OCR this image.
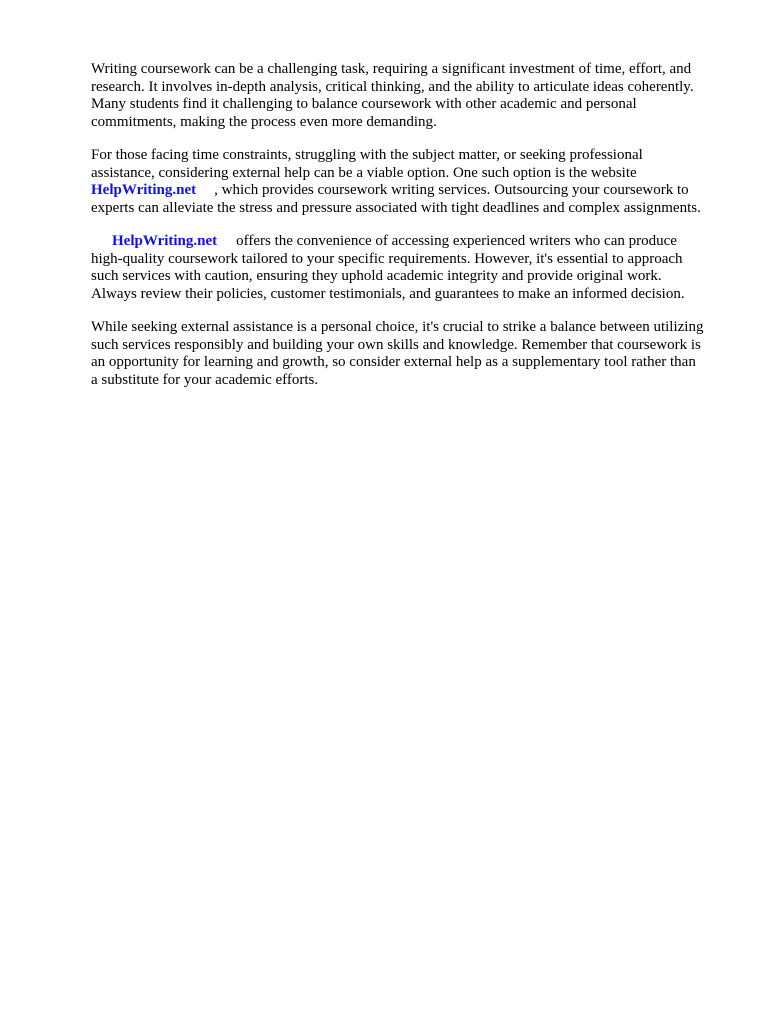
Writing coursework can be a challenging task, requiring a significant investment of time, effort, and
research. It involves in-depth analysis, critical thinking, and the ability to articulate ideas coherently.
Many students find it challenging to balance coursework with other academic and personal
commitments, making the process even more demanding.

For those facing time constraints, struggling with the subject matter, or seeking professional
assistance, considering external help can be a viable option. One such option is the website
HelpWriting.net , which provides coursework writing services. Outsourcing your coursework to
experts can alleviate the stress and pressure associated with tight deadlines and complex assignments.

HelpWriting.net offers the convenience of accessing experienced writers who can produce
high-quality coursework tailored to your specific requirements. However, it's essential to approach
such services with caution, ensuring they uphold academic integrity and provide original work.
Always review their policies, customer testimonials, and guarantees to make an informed decision.

While seeking external assistance is a personal choice, it's crucial to strike a balance between utilizing
such services responsibly and building your own skills and knowledge. Remember that coursework is
an opportunity for learning and growth, so consider external help as a supplementary tool rather than
a substitute for your academic efforts.
